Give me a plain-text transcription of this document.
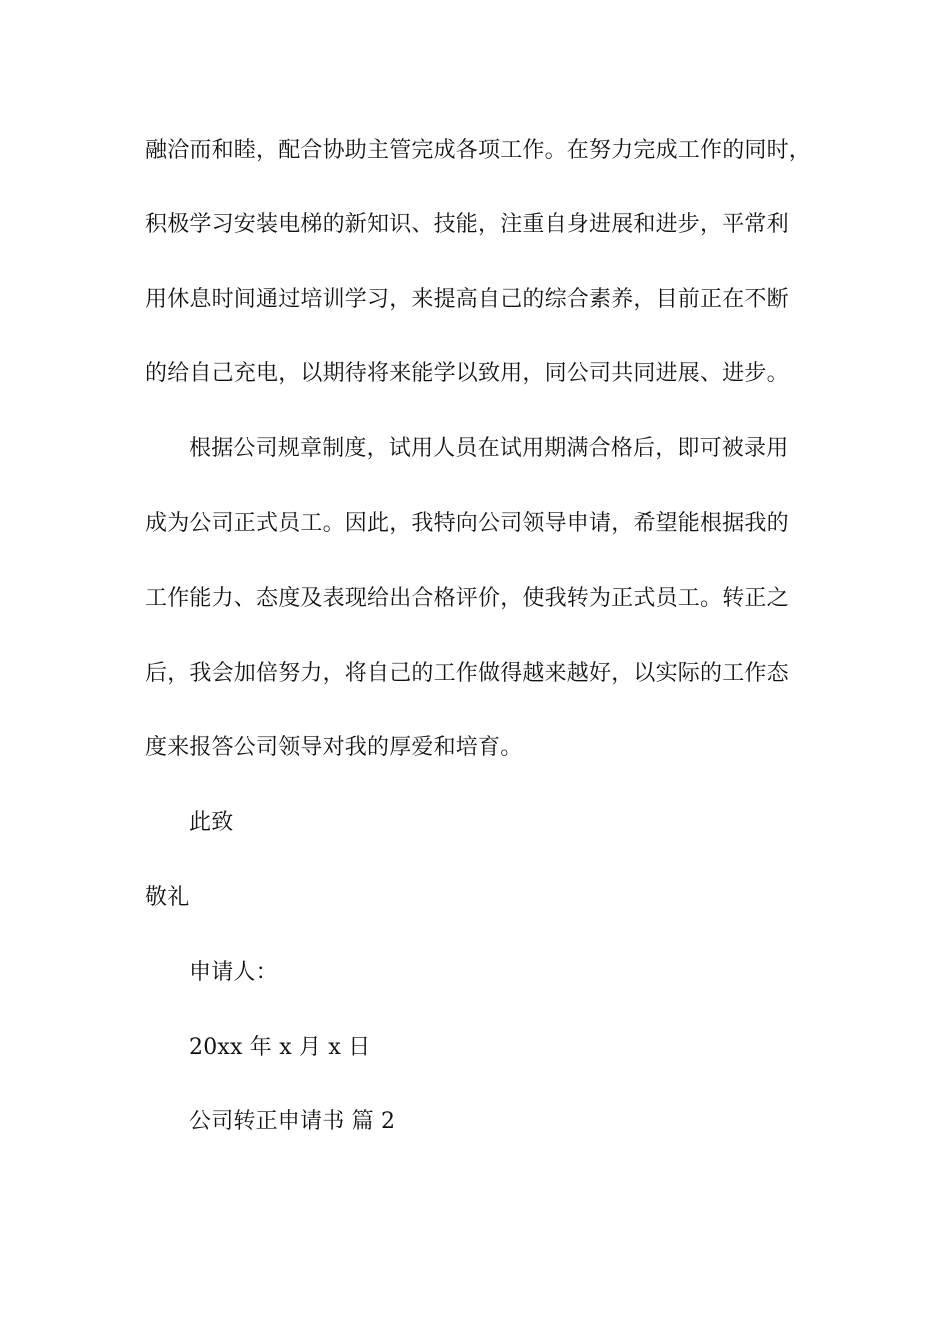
融洽而和睦，配合协助主管完成各项工作。在努力完成工作的同时，
积极学习安装电梯的新知识、技能，注重自身进展和进步，平常利
用休息时间通过培训学习，来提高自己的综合素养，目前正在不断
的给自己充电，以期待将来能学以致用，同公司共同进展、进步。
根据公司规章制度，试用人员在试用期满合格后，即可被录用
成为公司正式员工。因此，我特向公司领导申请，希望能根据我的
工作能力、态度及表现给出合格评价，使我转为正式员工。转正之
后，我会加倍努力，将自己的工作做得越来越好，以实际的工作态
度来报答公司领导对我的厚爱和培育。
此致
敬礼
申请人：
20xx 年 x 月 x 日
公司转正申请书 篇 2
